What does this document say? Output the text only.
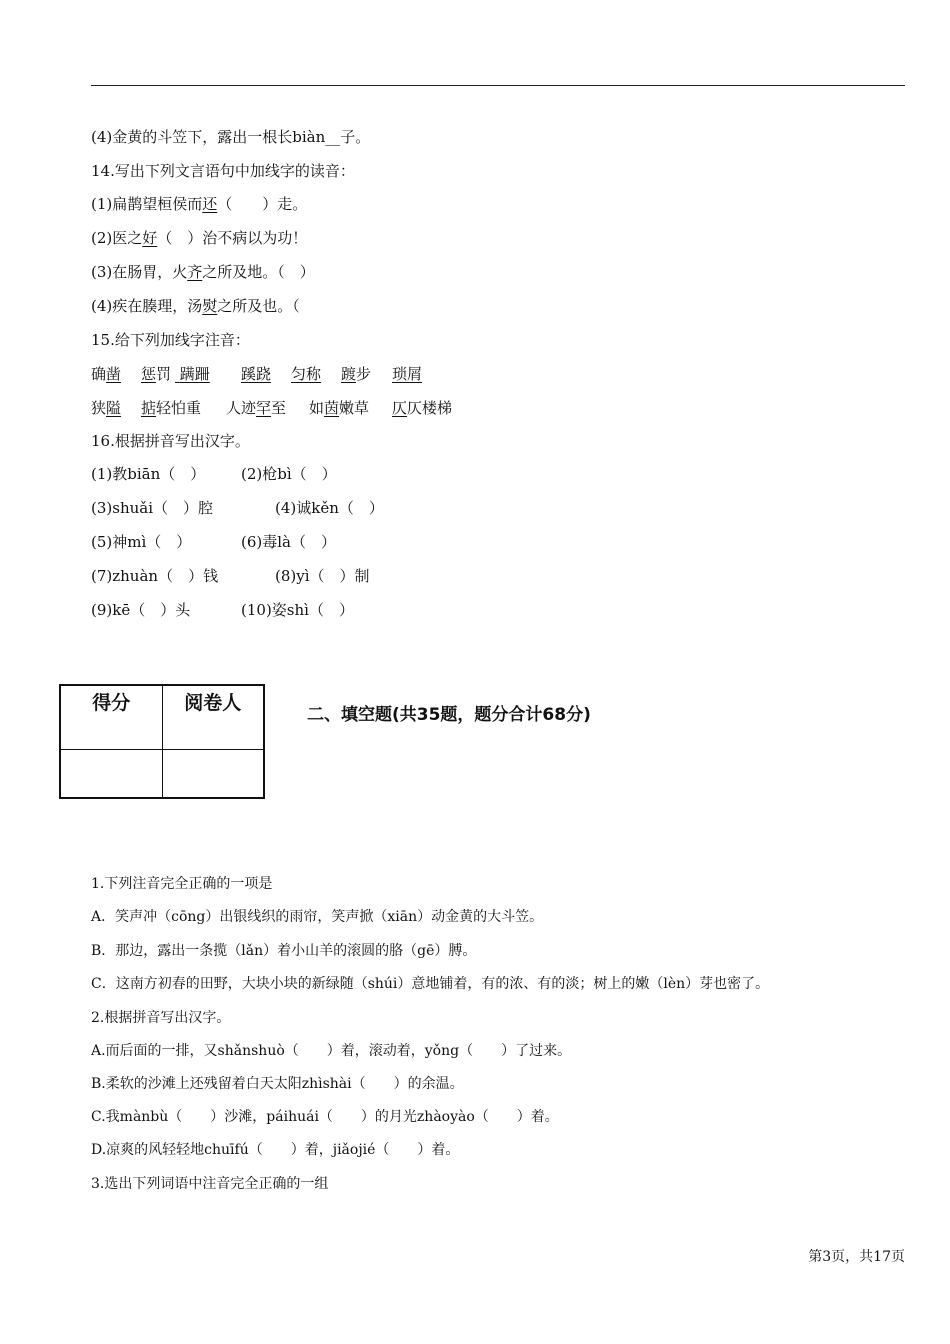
(4)金黄的斗笠下，露出一根长biàn__子。
14.写出下列文言语句中加线字的读音：
(1)扁鹊望桓侯而还（　　）走。
(2)医之好（　）治不病以为功！
(3)在肠胃，火齐之所及地。（　）
(4)疾在腠理，汤熨之所及也。（
15.给下列加线字注音：
确凿 惩罚 蹒跚 蹊跷 匀称 踱步 琐屑
狭隘 掂轻怕重 人迹罕至 如茵嫩草 仄仄楼梯
16.根据拼音写出汉字。
(1)教biān（　） (2)枪bì（　）
(3)shuǎi（　）腔	(4)诚kěn（　）
(5)神mì（　）	(6)毒là（　）
(7)zhuàn（　）钱	(8)yì（　）制
(9)kē（　）头	(10)姿shì（　）
得分	阅卷人

二、填空题(共35题，题分合计68分)
1.下列注音完全正确的一项是
A．笑声冲（cōng）出银线织的雨帘，笑声掀（xiān）动金黄的大斗笠。
B．那边，露出一条揽（lǎn）着小山羊的滚圆的胳（gē）膊。
C．这南方初春的田野，大块小块的新绿随（shúi）意地铺着，有的浓、有的淡；树上的嫩（lèn）芽也密了。
2.根据拼音写出汉字。
A.而后面的一排，又shǎnshuò（　　）着，滚动着，yǒng（　　）了过来。
B.柔软的沙滩上还残留着白天太阳zhìshài（　　）的余温。
C.我mànbù（　　）沙滩，páihuái（　　）的月光zhàoyào（　　）着。
D.凉爽的风轻轻地chuīfú（　　）着，jiǎojié（　　）着。
3.选出下列词语中注音完全正确的一组
第3页，共17页
